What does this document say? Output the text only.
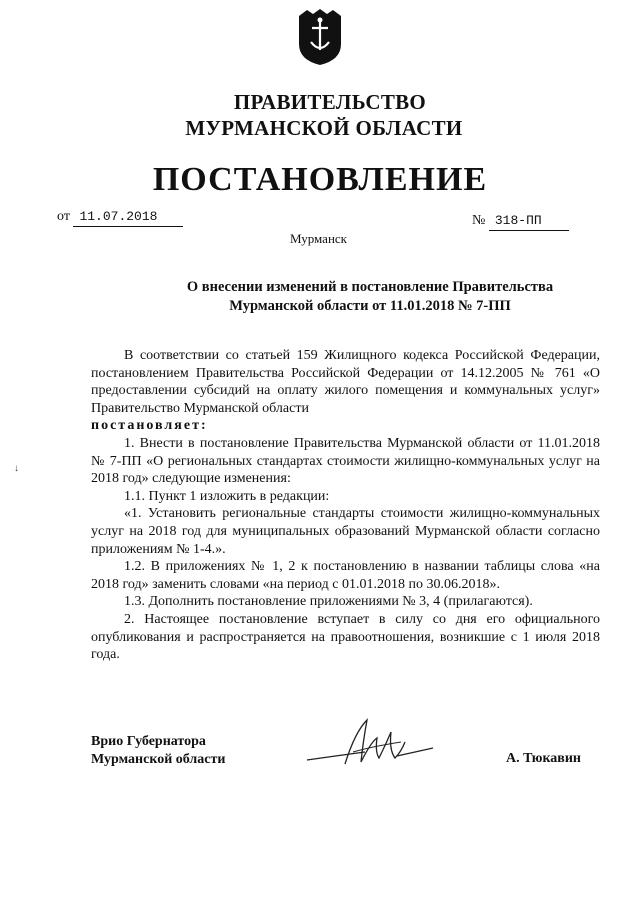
ПРАВИТЕЛЬСТВО
МУРМАНСКОЙ ОБЛАСТИ
ПОСТАНОВЛЕНИЕ
от 11.07.2018	№ 318-ПП
Мурманск
О внесении изменений в постановление Правительства
Мурманской области от 11.01.2018 № 7-ПП

В соответствии со статьей 159 Жилищного кодекса Российской Федерации, постановлением Правительства Российской Федерации от 14.12.2005 № 761 «О предоставлении субсидий на оплату жилого помещения и коммунальных услуг» Правительство Мурманской области

постановляет:

1. Внести в постановление Правительства Мурманской области от 11.01.2018 № 7-ПП «О региональных стандартах стоимости жилищно-коммунальных услуг на 2018 год» следующие изменения:

1.1. Пункт 1 изложить в редакции:

«1. Установить региональные стандарты стоимости жилищно-коммунальных услуг на 2018 год для муниципальных образований Мурманской области согласно приложениям № 1-4.».

1.2. В приложениях № 1, 2 к постановлению в названии таблицы слова «на 2018 год» заменить словами «на период с 01.01.2018 по 30.06.2018».

1.3. Дополнить постановление приложениями № 3, 4 (прилагаются).

2. Настоящее постановление вступает в силу со дня его официального опубликования и распространяется на правоотношения, возникшие с 1 июля 2018 года.

Врио Губернатора
Мурманской области	А. Тюкавин
↓
